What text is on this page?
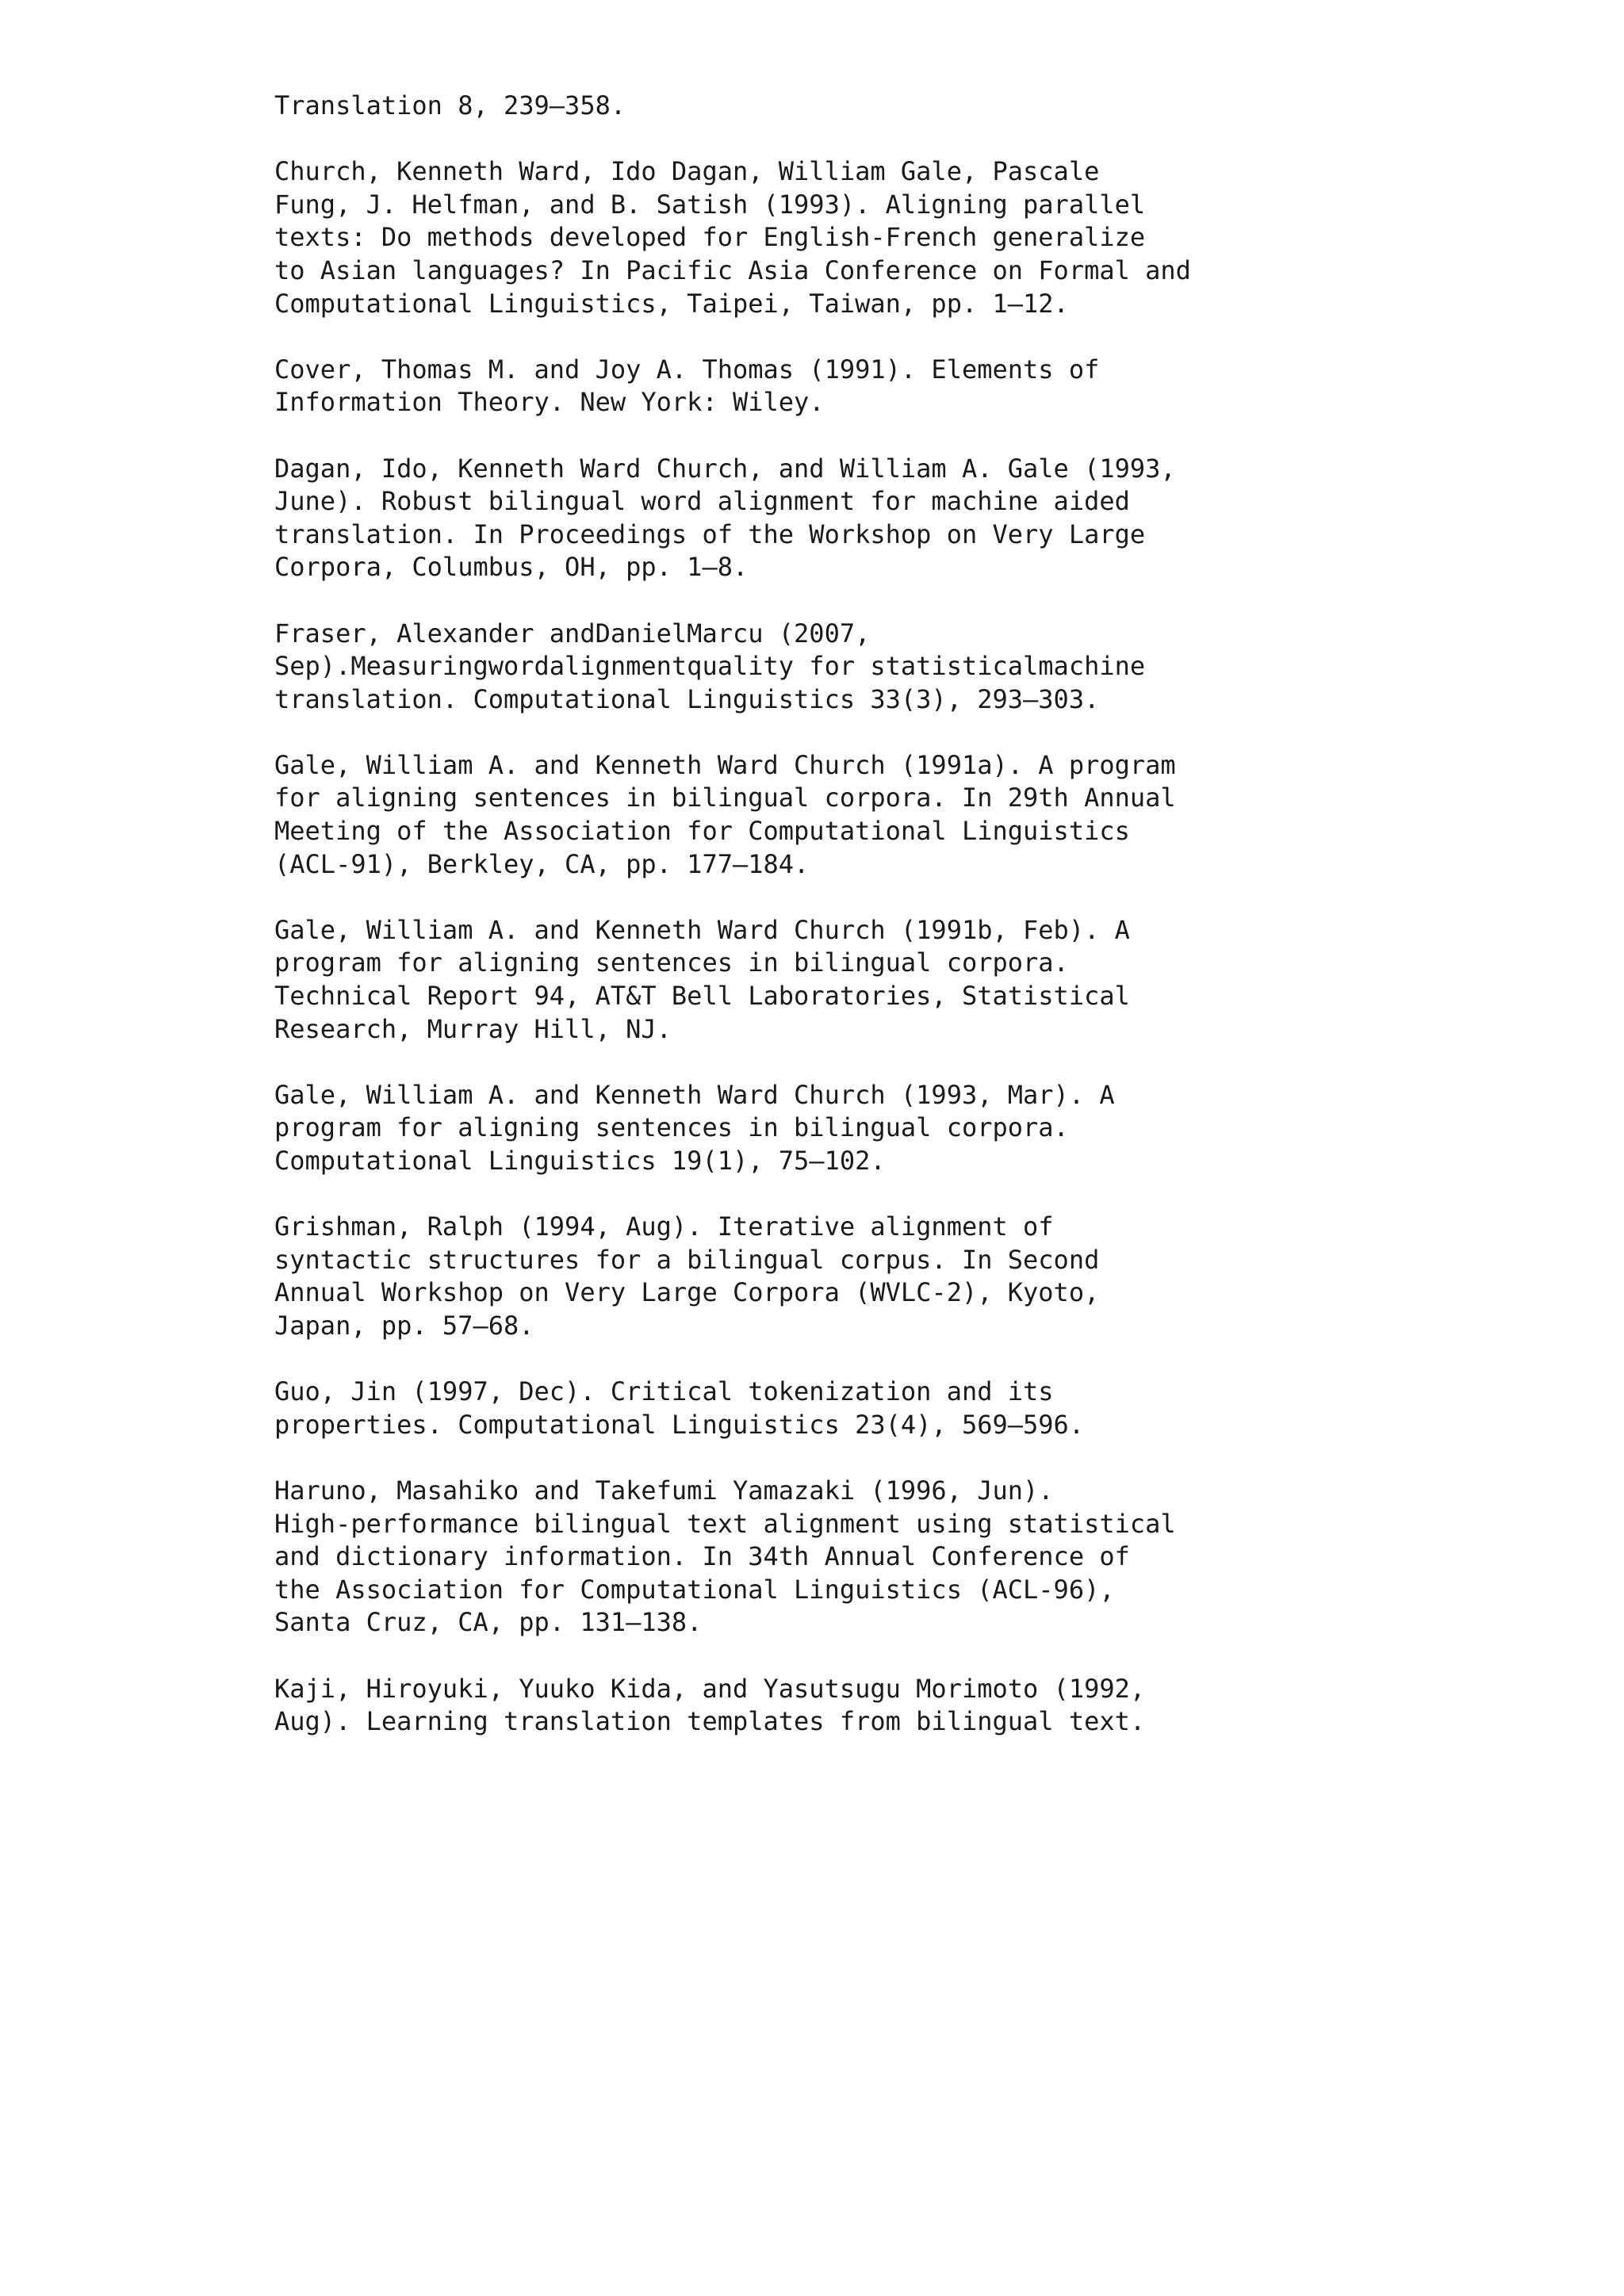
Translation 8, 239–358.
Church, Kenneth Ward, Ido Dagan, William Gale, Pascale
Fung, J. Helfman, and B. Satish (1993). Aligning parallel
texts: Do methods developed for English-French generalize
to Asian languages? In Pacific Asia Conference on Formal and
Computational Linguistics, Taipei, Taiwan, pp. 1–12.
Cover, Thomas M. and Joy A. Thomas (1991). Elements of
Information Theory. New York: Wiley.
Dagan, Ido, Kenneth Ward Church, and William A. Gale (1993,
June). Robust bilingual word alignment for machine aided
translation. In Proceedings of the Workshop on Very Large
Corpora, Columbus, OH, pp. 1–8.
Fraser, Alexander andDanielMarcu (2007,
Sep).Measuringwordalignmentquality for statisticalmachine
translation. Computational Linguistics 33(3), 293–303.
Gale, William A. and Kenneth Ward Church (1991a). A program
for aligning sentences in bilingual corpora. In 29th Annual
Meeting of the Association for Computational Linguistics
(ACL-91), Berkley, CA, pp. 177–184.
Gale, William A. and Kenneth Ward Church (1991b, Feb). A
program for aligning sentences in bilingual corpora.
Technical Report 94, AT&T Bell Laboratories, Statistical
Research, Murray Hill, NJ.
Gale, William A. and Kenneth Ward Church (1993, Mar). A
program for aligning sentences in bilingual corpora.
Computational Linguistics 19(1), 75–102.
Grishman, Ralph (1994, Aug). Iterative alignment of
syntactic structures for a bilingual corpus. In Second
Annual Workshop on Very Large Corpora (WVLC-2), Kyoto,
Japan, pp. 57–68.
Guo, Jin (1997, Dec). Critical tokenization and its
properties. Computational Linguistics 23(4), 569–596.
Haruno, Masahiko and Takefumi Yamazaki (1996, Jun).
High-performance bilingual text alignment using statistical
and dictionary information. In 34th Annual Conference of
the Association for Computational Linguistics (ACL-96),
Santa Cruz, CA, pp. 131–138.
Kaji, Hiroyuki, Yuuko Kida, and Yasutsugu Morimoto (1992,
Aug). Learning translation templates from bilingual text.
